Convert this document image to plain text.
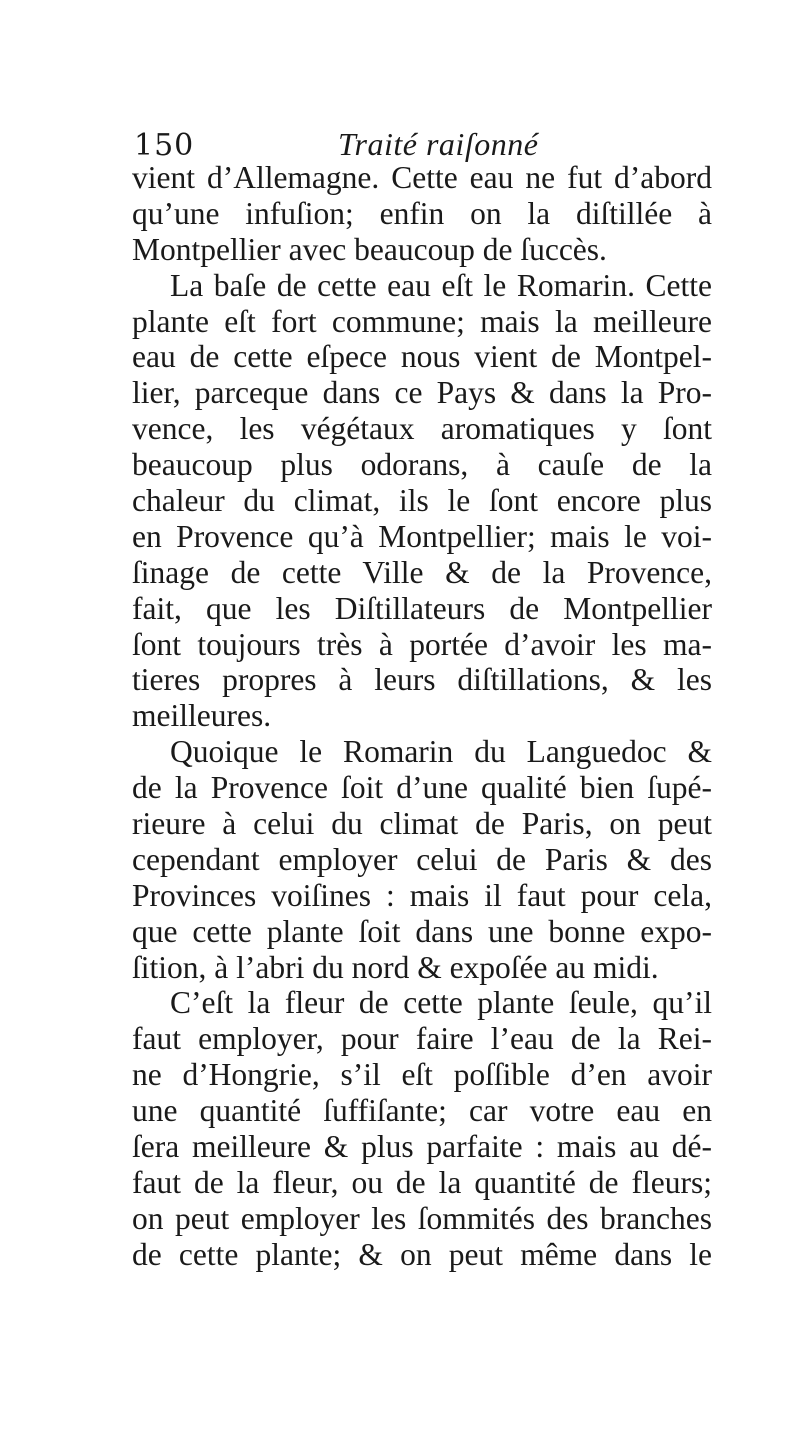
150	Traité raiſonné
vient d’Allemagne. Cette eau ne fut d’abord
qu’une infuſion; enfin on la diſtillée à
Montpellier avec beaucoup de ſuccès.
La baſe de cette eau eſt le Romarin. Cette
plante eſt fort commune; mais la meilleure
eau de cette eſpece nous vient de Montpel-
lier, parceque dans ce Pays & dans la Pro-
vence, les végétaux aromatiques y ſont
beaucoup plus odorans, à cauſe de la
chaleur du climat, ils le ſont encore plus
en Provence qu’à Montpellier; mais le voi-
ſinage de cette Ville & de la Provence,
fait, que les Diſtillateurs de Montpellier
ſont toujours très à portée d’avoir les ma-
tieres propres à leurs diſtillations, & les
meilleures.
Quoique le Romarin du Languedoc &
de la Provence ſoit d’une qualité bien ſupé-
rieure à celui du climat de Paris, on peut
cependant employer celui de Paris & des
Provinces voiſines : mais il faut pour cela,
que cette plante ſoit dans une bonne expo-
ſition, à l’abri du nord & expoſée au midi.
C’eſt la fleur de cette plante ſeule, qu’il
faut employer, pour faire l’eau de la Rei-
ne d’Hongrie, s’il eſt poſſible d’en avoir
une quantité ſuffiſante; car votre eau en
ſera meilleure & plus parfaite : mais au dé-
faut de la fleur, ou de la quantité de fleurs;
on peut employer les ſommités des branches
de cette plante; & on peut même dans le
